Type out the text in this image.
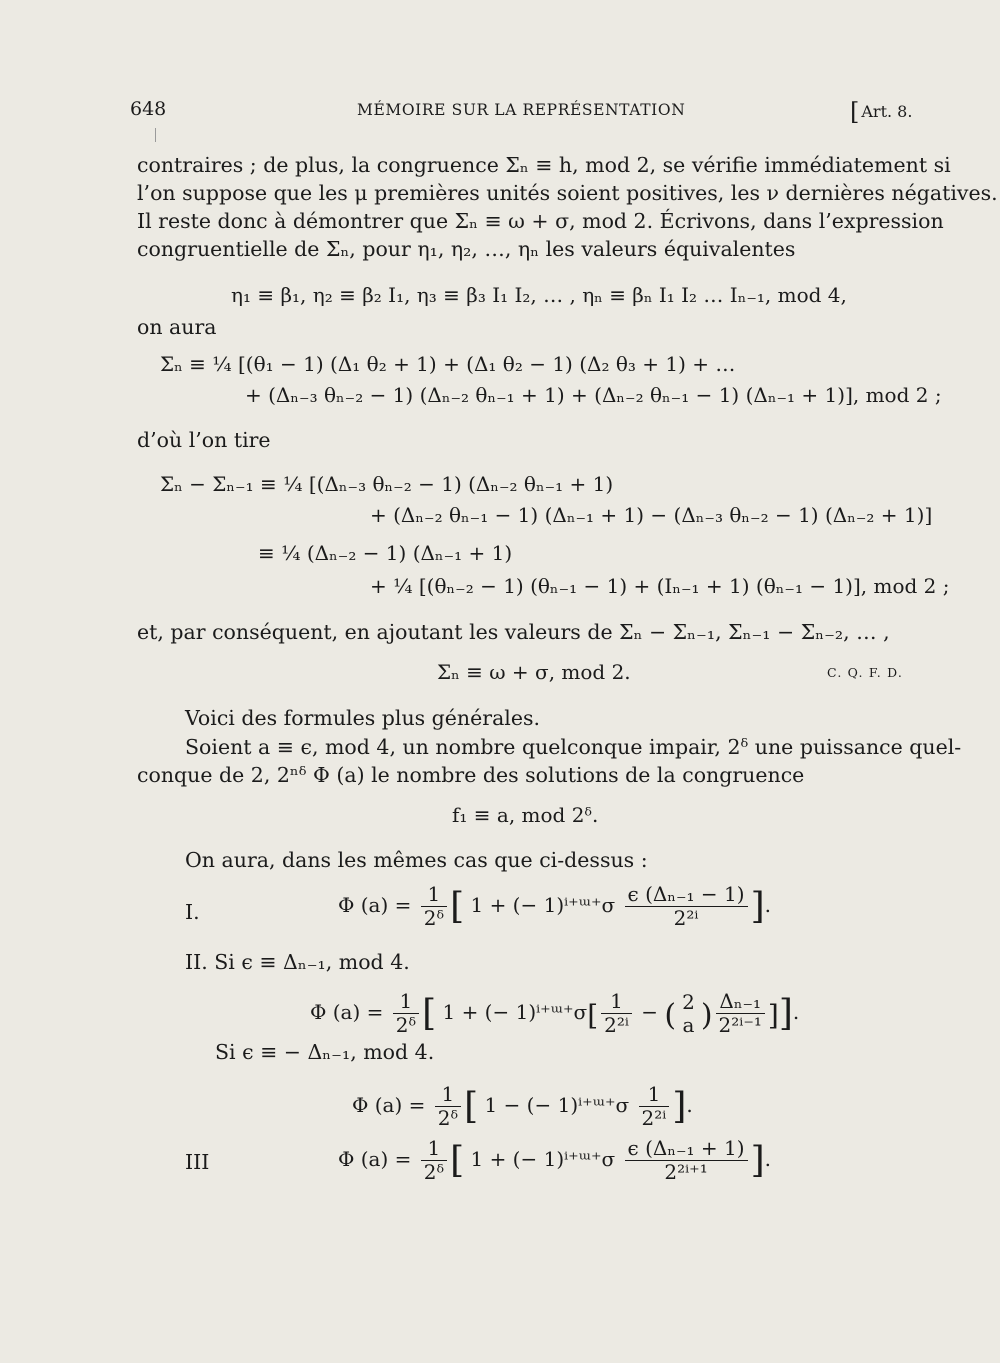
648	MÉMOIRE SUR LA REPRÉSENTATION	[ Art. 8.
contraires ; de plus, la congruence Σₙ ≡ h, mod 2, se vérifie immédiatement si
l’on suppose que les μ premières unités soient positives, les ν dernières négatives.
Il reste donc à démontrer que Σₙ ≡ ω + σ, mod 2. Écrivons, dans l’expression
congruentielle de Σₙ, pour η₁, η₂, …, ηₙ les valeurs équivalentes
η₁ ≡ β₁, η₂ ≡ β₂ I₁, η₃ ≡ β₃ I₁ I₂, … , ηₙ ≡ βₙ I₁ I₂ … Iₙ₋₁, mod 4,
on aura
Σₙ ≡ ¼ [(θ₁ − 1) (Δ₁ θ₂ + 1) + (Δ₁ θ₂ − 1) (Δ₂ θ₃ + 1) + …
+ (Δₙ₋₃ θₙ₋₂ − 1) (Δₙ₋₂ θₙ₋₁ + 1) + (Δₙ₋₂ θₙ₋₁ − 1) (Δₙ₋₁ + 1)], mod 2 ;
d’où l’on tire
Σₙ − Σₙ₋₁ ≡ ¼ [(Δₙ₋₃ θₙ₋₂ − 1) (Δₙ₋₂ θₙ₋₁ + 1)
+ (Δₙ₋₂ θₙ₋₁ − 1) (Δₙ₋₁ + 1) − (Δₙ₋₃ θₙ₋₂ − 1) (Δₙ₋₂ + 1)]
≡ ¼ (Δₙ₋₂ − 1) (Δₙ₋₁ + 1)
+ ¼ [(θₙ₋₂ − 1) (θₙ₋₁ − 1) + (Iₙ₋₁ + 1) (θₙ₋₁ − 1)], mod 2 ;
et, par conséquent, en ajoutant les valeurs de Σₙ − Σₙ₋₁, Σₙ₋₁ − Σₙ₋₂, … ,
Σₙ ≡ ω + σ, mod 2.	C. Q. F. D.
Voici des formules plus générales.
Soient a ≡ ϵ, mod 4, un nombre quelconque impair, 2ᵟ une puissance quel-
conque de 2, 2ⁿᵟ Φ (a) le nombre des solutions de la congruence
f₁ ≡ a, mod 2ᵟ.
On aura, dans les mêmes cas que ci-dessus :
I.	Φ $(a) = \frac{1}{\text{2ᵟ}}$ [ 1 + (− 1)ⁱ⁺ᵚ⁺σ $\frac{\text{ϵ (Δₙ₋₁ − 1)}}{\text{2²ⁱ}}$ ].
II. Si ϵ ≡ Δₙ₋₁, mod 4.
Φ $(a) = \frac{1}{\text{2ᵟ}}$ [ 1 + (− 1)ⁱ⁺ᵚ⁺σ[ $\frac{1}{\text{2²ⁱ}}$ − ( 2
a ) $\frac{\text{Δₙ₋₁}}{\text{2²ⁱ⁻¹}}$ ]].
Si ϵ ≡ − Δₙ₋₁, mod 4.
Φ $(a) = \frac{1}{\text{2ᵟ}}$ [ 1 − (− 1)ⁱ⁺ᵚ⁺σ $\frac{1}{\text{2²ⁱ}}$ ].
III	Φ $(a) = \frac{1}{\text{2ᵟ}}$ [ 1 + (− 1)ⁱ⁺ᵚ⁺σ $\frac{\text{ϵ (Δₙ₋₁ + 1)}}{\text{2²ⁱ⁺¹}}$ ].
